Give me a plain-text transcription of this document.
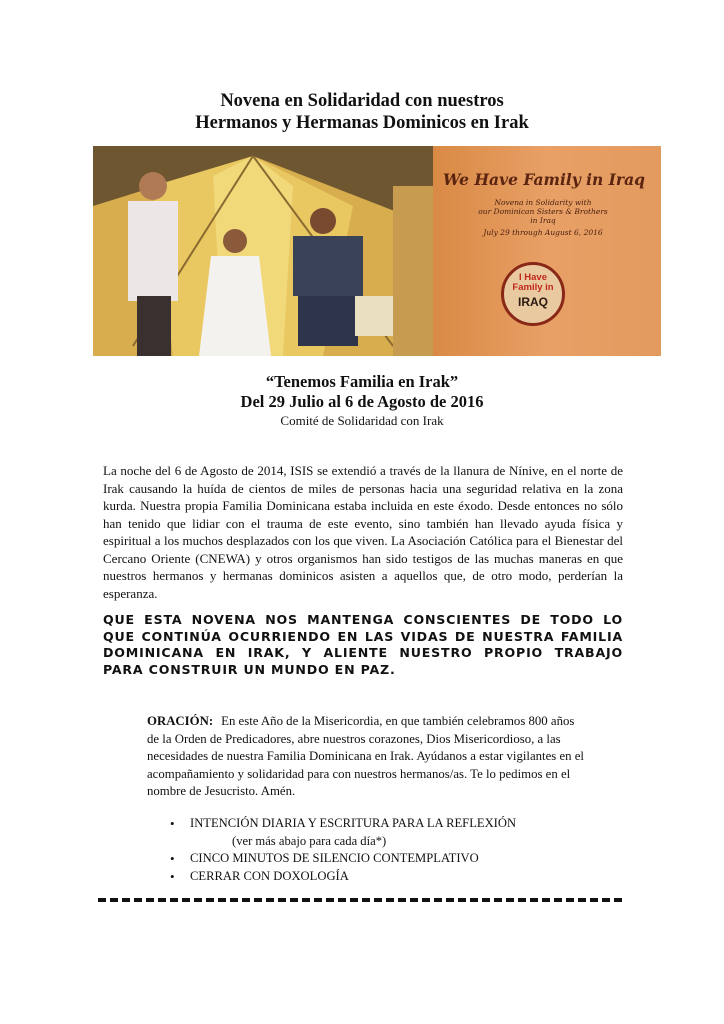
Novena en Solidaridad con nuestros
Hermanos y Hermanas Dominicos en Irak
We Have Family in Iraq
Novena in Solidarity with
our Dominican Sisters & Brothers
in Iraq
July 29 through August 6, 2016
I Have
Family in
IRAQ
“Tenemos Familia en Irak”
Del 29 Julio al 6 de Agosto de 2016
Comité de Solidaridad con Irak

La noche del 6 de Agosto de 2014, ISIS se extendió a través de la llanura de Nínive, en el norte de Irak causando la huída de cientos de miles de personas hacia una seguridad relativa en la zona kurda. Nuestra propia Familia Dominicana estaba incluida en este éxodo. Desde entonces no sólo han tenido que lidiar con el trauma de este evento, sino también han llevado ayuda física y espiritual a los muchos desplazados con los que viven. La Asociación Católica para el Bienestar del Cercano Oriente (CNEWA) y otros organismos han sido testigos de las muchas maneras en que nuestros hermanos y hermanas dominicos asisten a aquellos que, de otro modo, perderían la esperanza.

QUE ESTA NOVENA NOS MANTENGA CONSCIENTES DE TODO LO QUE CONTINÚA OCURRIENDO EN LAS VIDAS DE NUESTRA FAMILIA DOMINICANA EN IRAK, Y ALIENTE NUESTRO PROPIO TRABAJO PARA CONSTRUIR UN MUNDO EN PAZ.

ORACIÓN: En este Año de la Misericordia, en que también celebramos 800 años de la Orden de Predicadores, abre nuestros corazones, Dios Misericordioso, a las necesidades de nuestra Familia Dominicana en Irak. Ayúdanos a estar vigilantes en el acompañamiento y solidaridad para con nuestros hermanos/as. Te lo pedimos en el nombre de Jesucristo. Amén.

• INTENCIÓN DIARIA Y ESCRITURA PARA LA REFLEXIÓN
(ver más abajo para cada día*)
• CINCO MINUTOS DE SILENCIO CONTEMPLATIVO
• CERRAR CON DOXOLOGÍA
